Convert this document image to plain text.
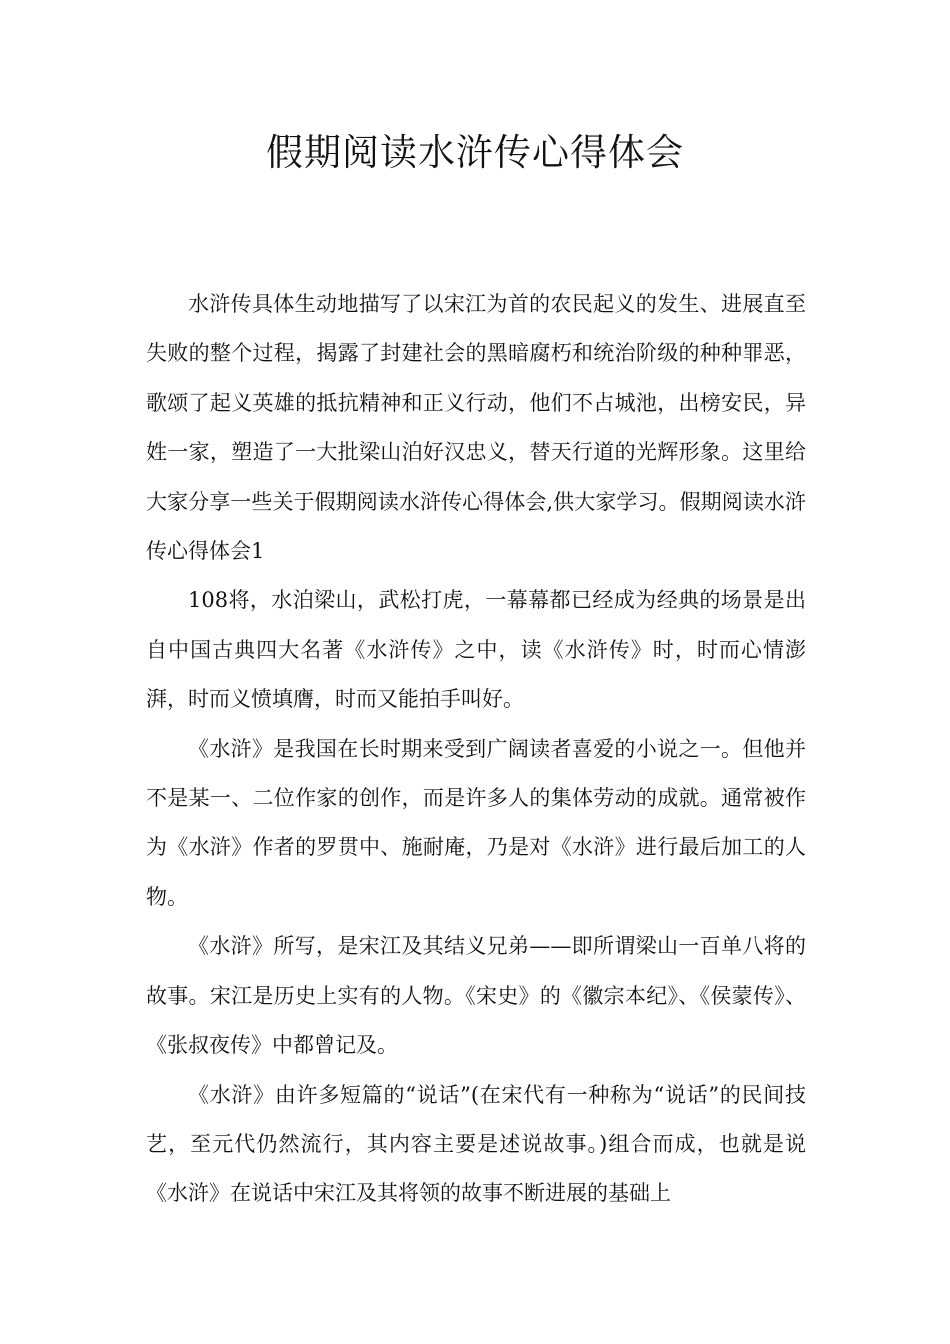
假期阅读水浒传心得体会

水浒传具体生动地描写了以宋江为首的农民起义的发生、进展直至失败的整个过程，揭露了封建社会的黑暗腐朽和统治阶级的种种罪恶，歌颂了起义英雄的抵抗精神和正义行动，他们不占城池，出榜安民，异姓一家，塑造了一大批梁山泊好汉忠义，替天行道的光辉形象。这里给大家分享一些关于假期阅读水浒传心得体会,供大家学习。假期阅读水浒传心得体会1

108将，水泊梁山，武松打虎，一幕幕都已经成为经典的场景是出自中国古典四大名著《水浒传》之中，读《水浒传》时，时而心情澎湃，时而义愤填膺，时而又能拍手叫好。

《水浒》是我国在长时期来受到广阔读者喜爱的小说之一。但他并不是某一、二位作家的创作，而是许多人的集体劳动的成就。通常被作为《水浒》作者的罗贯中、施耐庵，乃是对《水浒》进行最后加工的人物。

《水浒》所写，是宋江及其结义兄弟——即所谓梁山一百单八将的故事。宋江是历史上实有的人物。《宋史》的《徽宗本纪》、《侯蒙传》、《张叔夜传》中都曾记及。

《水浒》由许多短篇的“说话”(在宋代有一种称为“说话”的民间技艺，至元代仍然流行，其内容主要是述说故事。)组合而成，也就是说《水浒》在说话中宋江及其将领的故事不断进展的基础上
